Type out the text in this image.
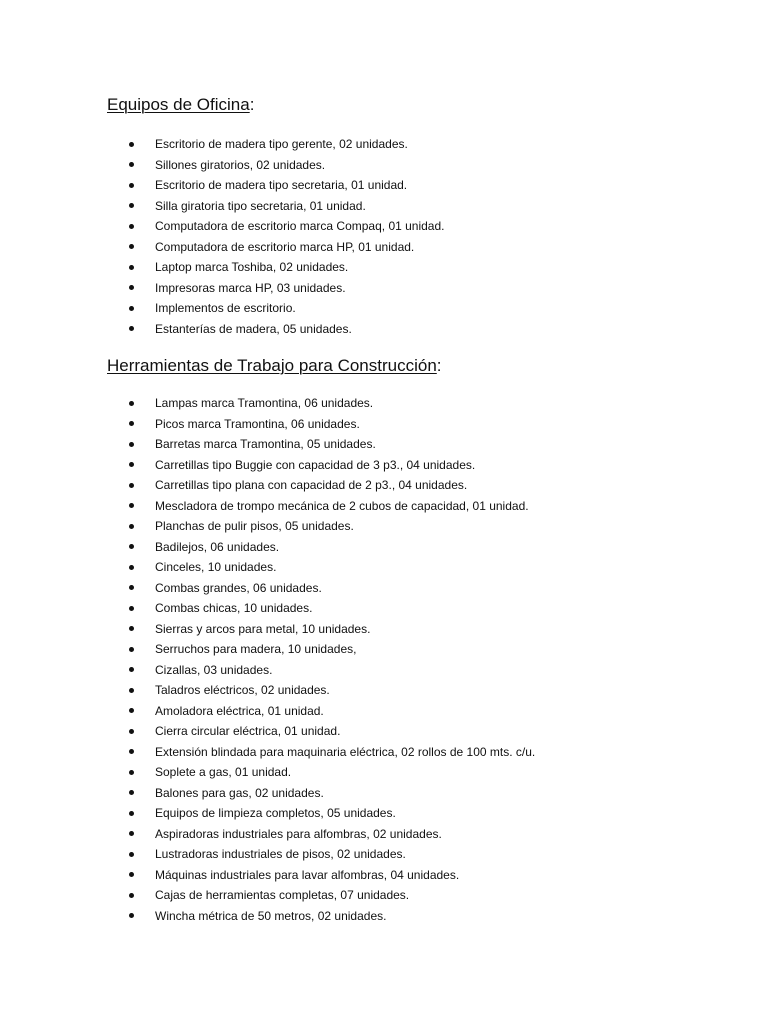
Equipos de Oficina:
Escritorio de madera tipo gerente, 02 unidades.
Sillones giratorios, 02 unidades.
Escritorio de madera tipo secretaria, 01 unidad.
Silla giratoria tipo secretaria, 01 unidad.
Computadora de escritorio marca Compaq, 01 unidad.
Computadora de escritorio marca HP, 01 unidad.
Laptop marca Toshiba, 02 unidades.
Impresoras marca HP, 03 unidades.
Implementos de escritorio.
Estanterías de madera, 05 unidades.
Herramientas de Trabajo para Construcción:
Lampas marca Tramontina, 06 unidades.
Picos marca Tramontina, 06 unidades.
Barretas marca Tramontina, 05 unidades.
Carretillas tipo Buggie con capacidad de 3 p3., 04 unidades.
Carretillas tipo plana con capacidad de 2 p3., 04 unidades.
Mescladora de trompo mecánica de 2 cubos de capacidad, 01 unidad.
Planchas de pulir pisos, 05 unidades.
Badilejos, 06 unidades.
Cinceles, 10 unidades.
Combas grandes, 06 unidades.
Combas chicas, 10 unidades.
Sierras y arcos para metal, 10 unidades.
Serruchos para madera, 10 unidades,
Cizallas, 03 unidades.
Taladros eléctricos, 02 unidades.
Amoladora eléctrica, 01 unidad.
Cierra circular eléctrica, 01 unidad.
Extensión blindada para maquinaria eléctrica, 02 rollos de 100 mts. c/u.
Soplete a gas, 01 unidad.
Balones para gas, 02 unidades.
Equipos de limpieza completos, 05 unidades.
Aspiradoras industriales para alfombras, 02 unidades.
Lustradoras industriales de pisos, 02 unidades.
Máquinas industriales para lavar alfombras, 04 unidades.
Cajas de herramientas completas, 07 unidades.
Wincha métrica de 50 metros, 02 unidades.
